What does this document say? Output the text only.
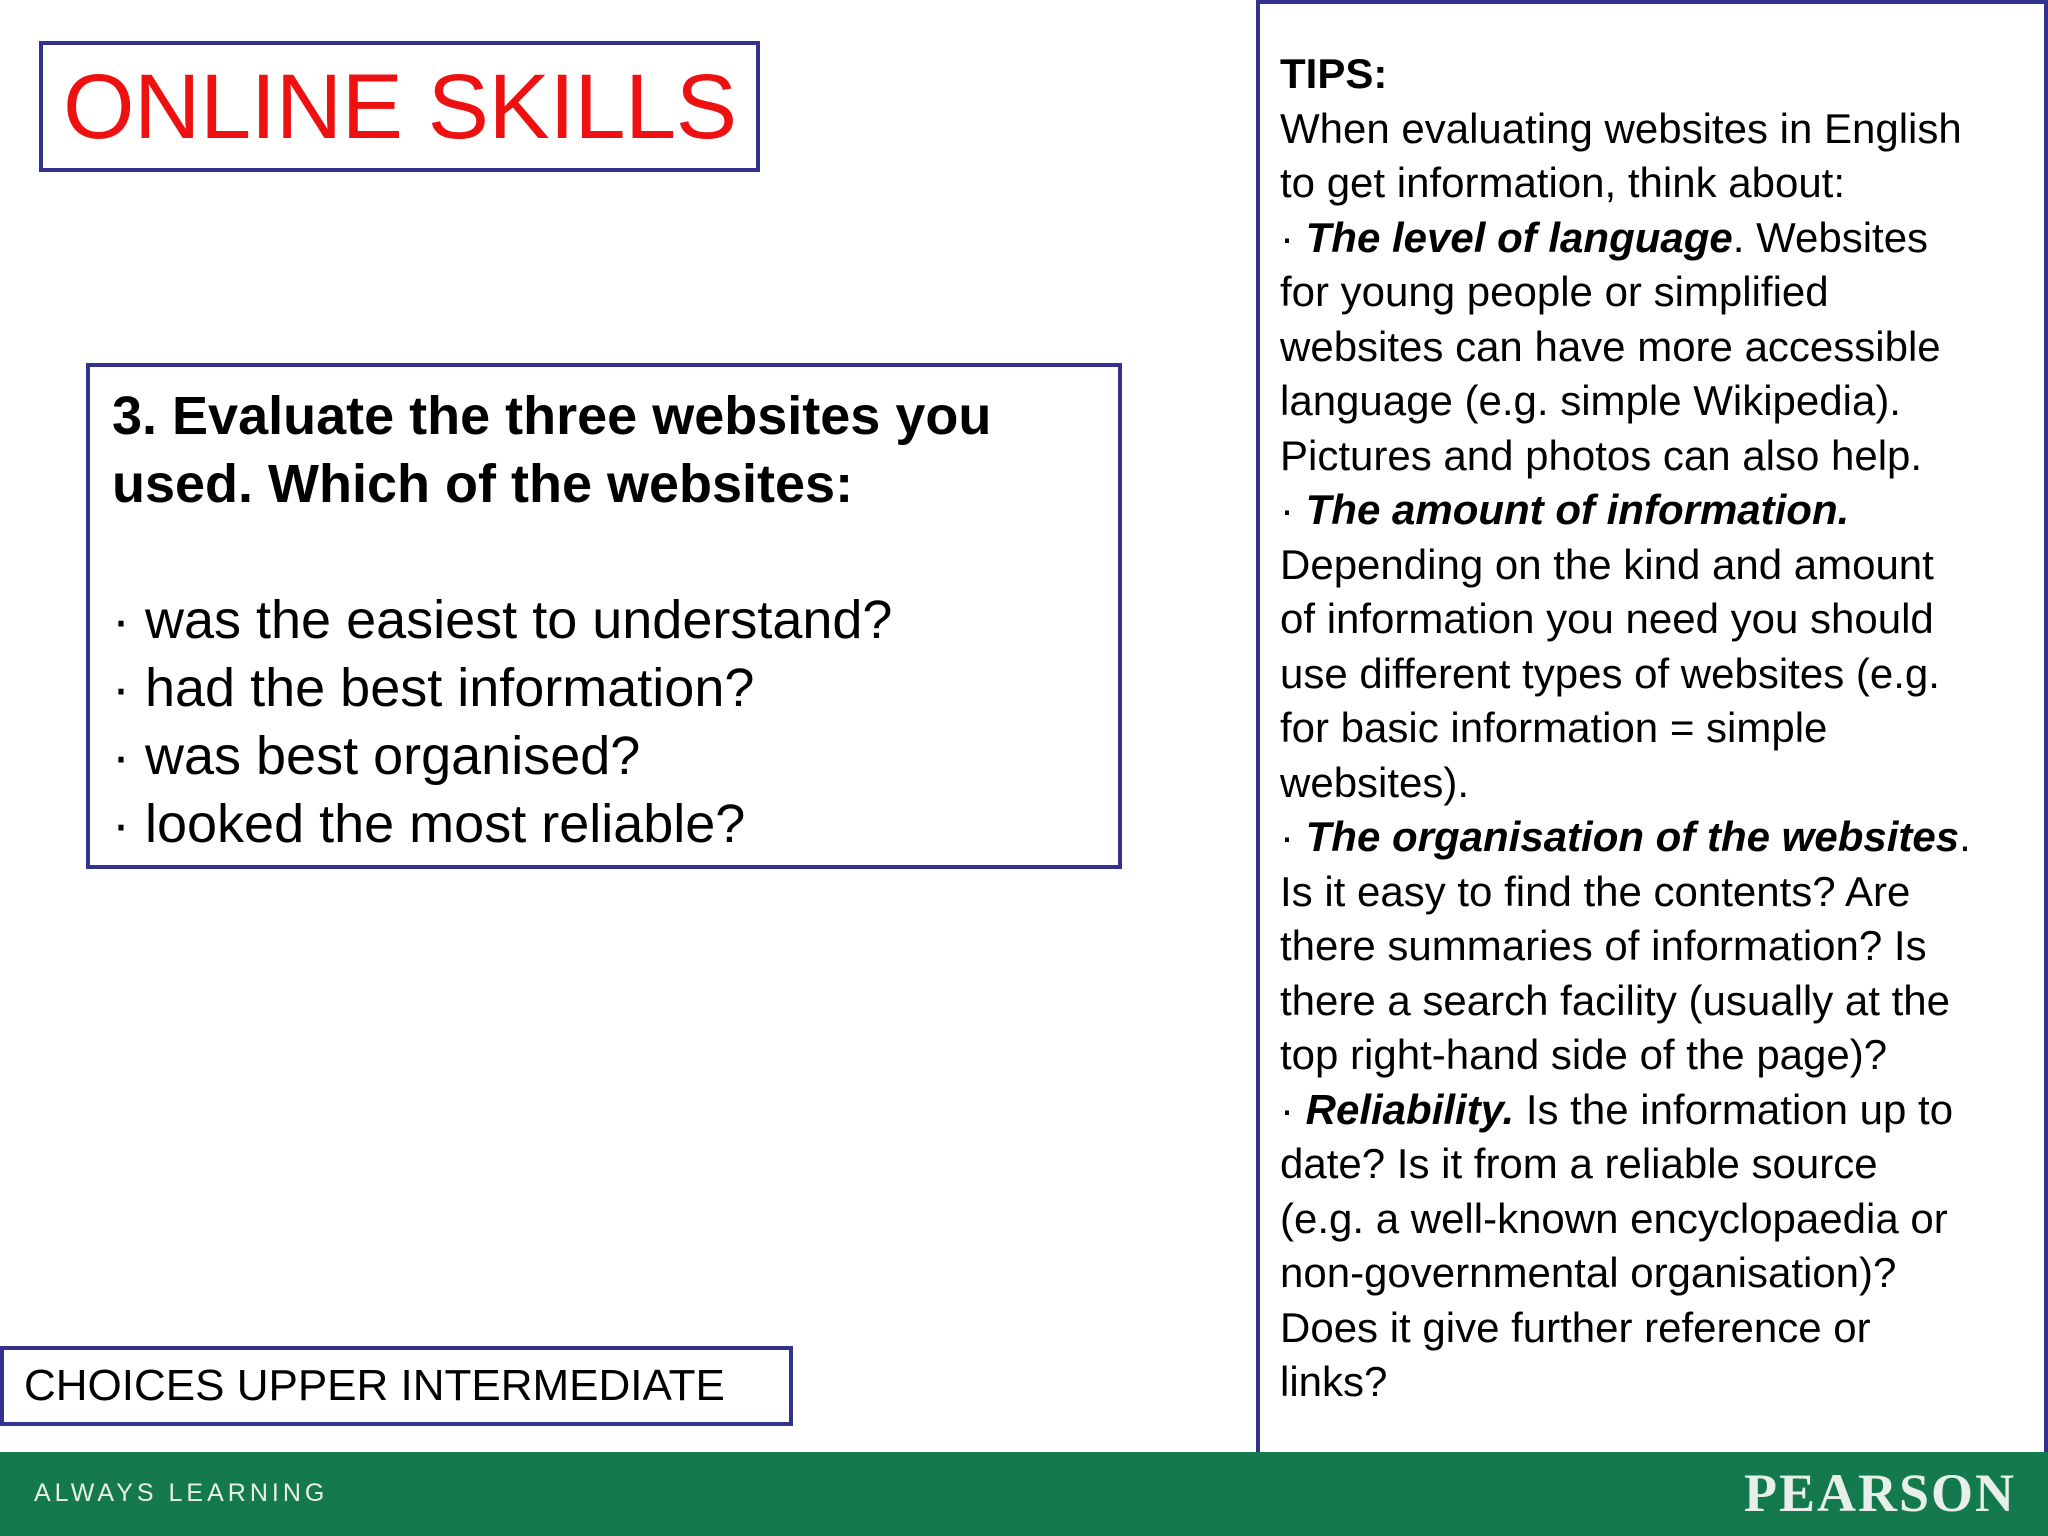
ONLINE SKILLS

3. Evaluate the three websites you
used. Which of the websites:

· was the easiest to understand?
· had the best information?
· was best organised?
· looked the most reliable?

TIPS:

When evaluating websites in English

to get information, think about:

· The level of language. Websites

for young people or simplified

websites can have more accessible

language (e.g. simple Wikipedia).

Pictures and photos can also help.

· The amount of information.

Depending on the kind and amount

of information you need you should

use different types of websites (e.g.

for basic information = simple

websites).

· The organisation of the websites.

Is it easy to find the contents? Are

there summaries of information? Is

there a search facility (usually at the

top right-hand side of the page)?

· Reliability. Is the information up to

date? Is it from a reliable source

(e.g. a well-known encyclopaedia or

non-governmental organisation)?

Does it give further reference or

links?

CHOICES UPPER INTERMEDIATE
ALWAYS LEARNING	PEARSON
